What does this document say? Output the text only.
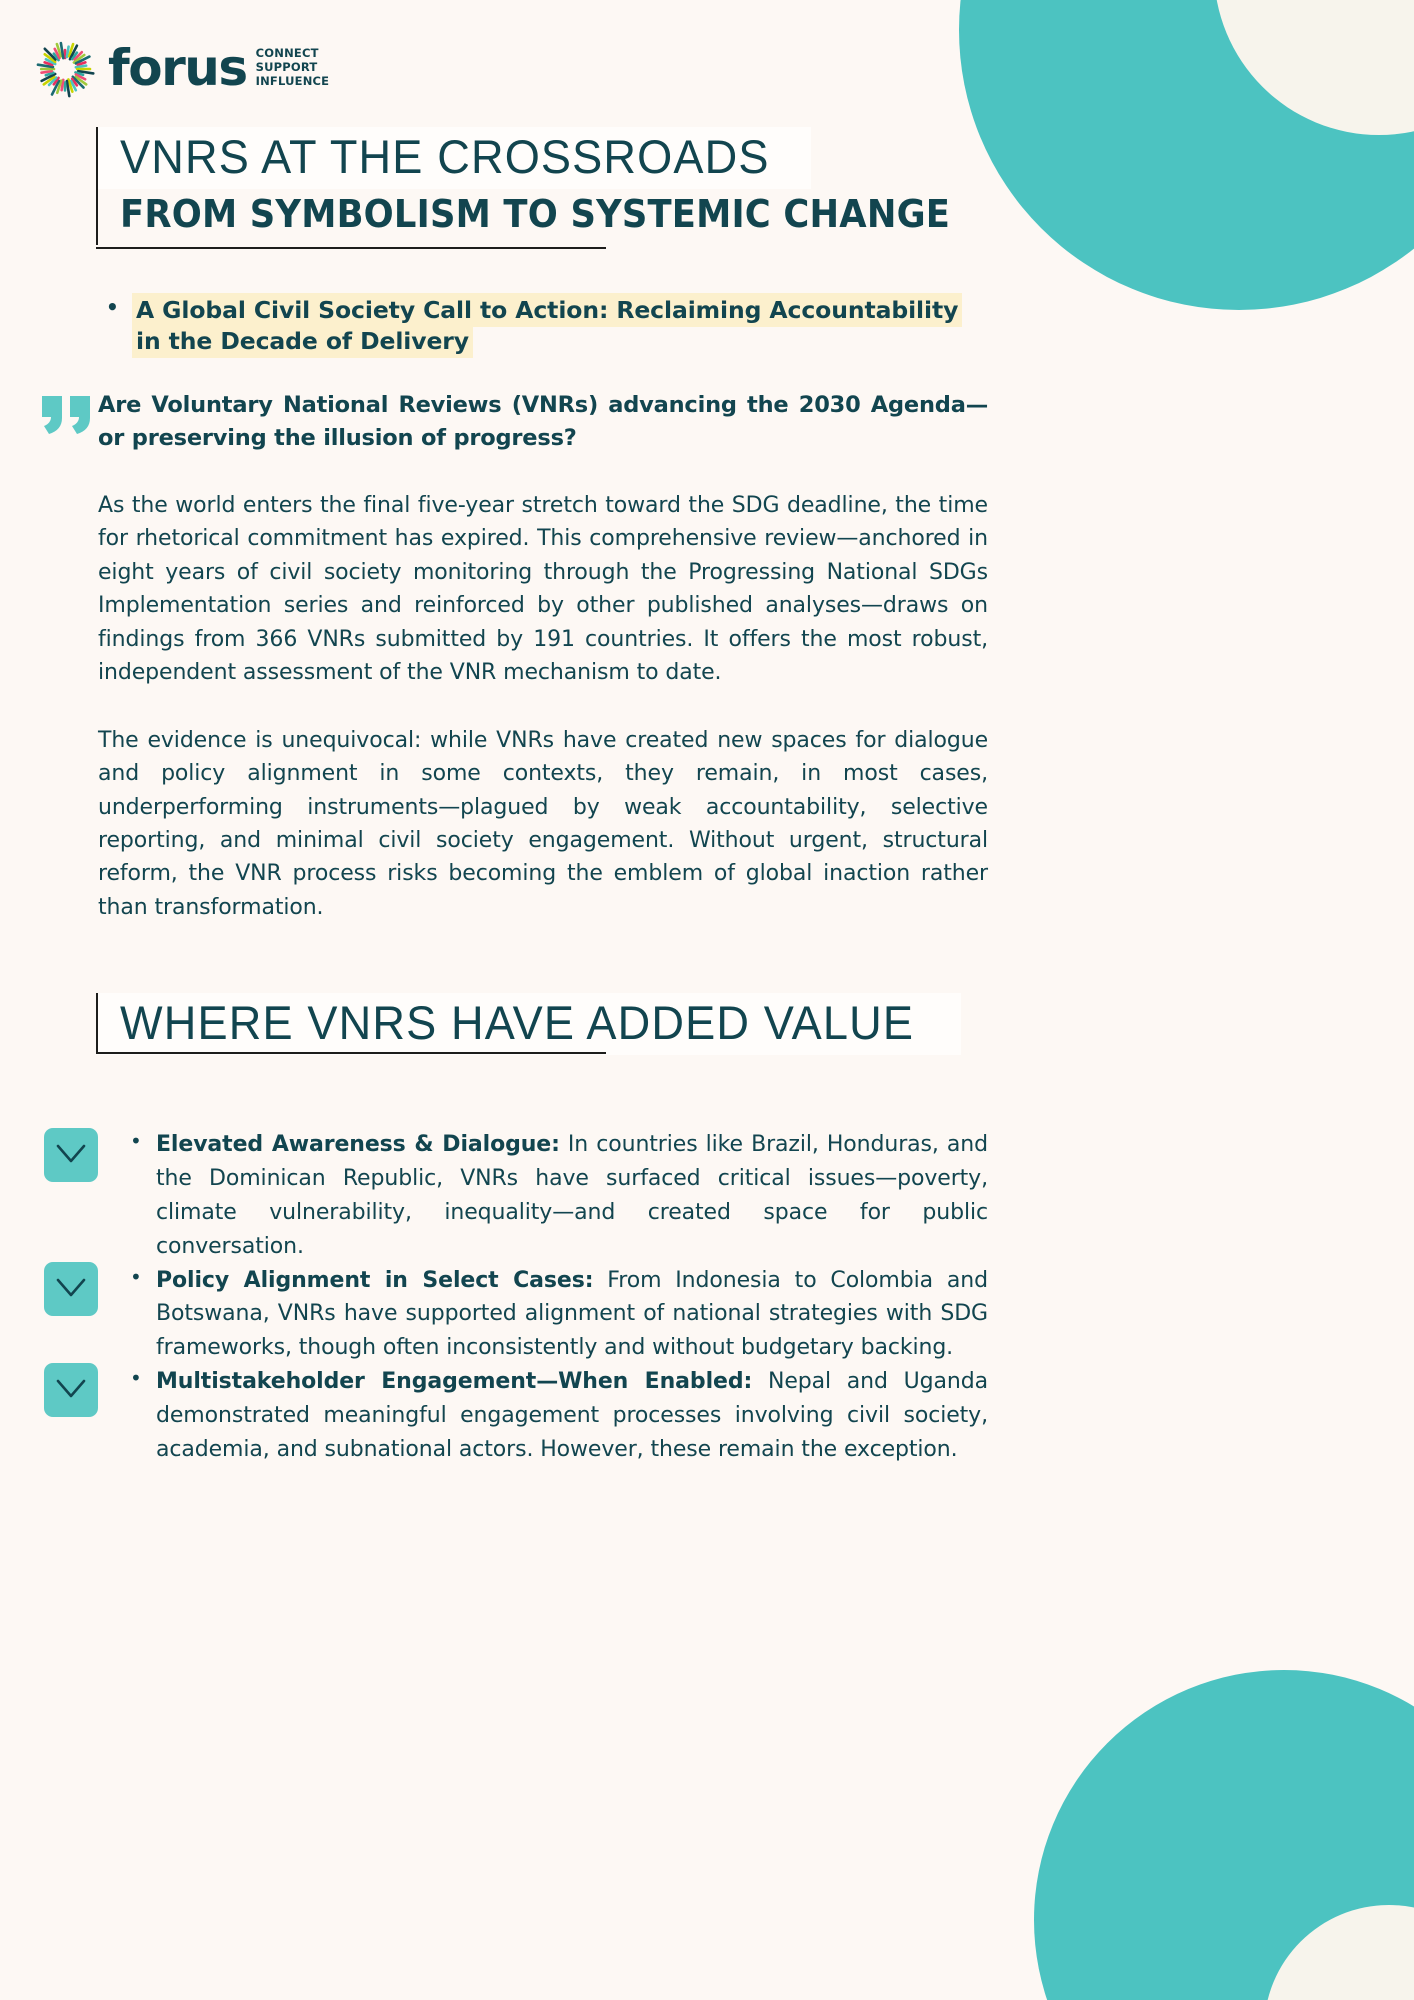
forus CONNECT
SUPPORT
INFLUENCE
VNRS AT THE CROSSROADS
FROM SYMBOLISM TO SYSTEMIC CHANGE
• A Global Civil Society Call to Action: Reclaiming Accountability in the Decade of Delivery
Are Voluntary National Reviews (VNRs) advancing the 2030 Agenda—or preserving the illusion of progress?

As the world enters the final five-year stretch toward the SDG deadline, the time for rhetorical commitment has expired. This comprehensive review—anchored in eight years of civil society monitoring through the Progressing National SDGs Implementation series and reinforced by other published analyses—draws on findings from 366 VNRs submitted by 191 countries. It offers the most robust, independent assessment of the VNR mechanism to date.

The evidence is unequivocal: while VNRs have created new spaces for dialogue and policy alignment in some contexts, they remain, in most cases, underperforming instruments—plagued by weak accountability, selective reporting, and minimal civil society engagement. Without urgent, structural reform, the VNR process risks becoming the emblem of global inaction rather than transformation.

WHERE VNRS HAVE ADDED VALUE
• Elevated Awareness & Dialogue: In countries like Brazil, Honduras, and the Dominican Republic, VNRs have surfaced critical issues—poverty, climate vulnerability, inequality—and created space for public conversation.
• Policy Alignment in Select Cases: From Indonesia to Colombia and Botswana, VNRs have supported alignment of national strategies with SDG frameworks, though often inconsistently and without budgetary backing.
• Multistakeholder Engagement—When Enabled: Nepal and Uganda demonstrated meaningful engagement processes involving civil society, academia, and subnational actors. However, these remain the exception.
